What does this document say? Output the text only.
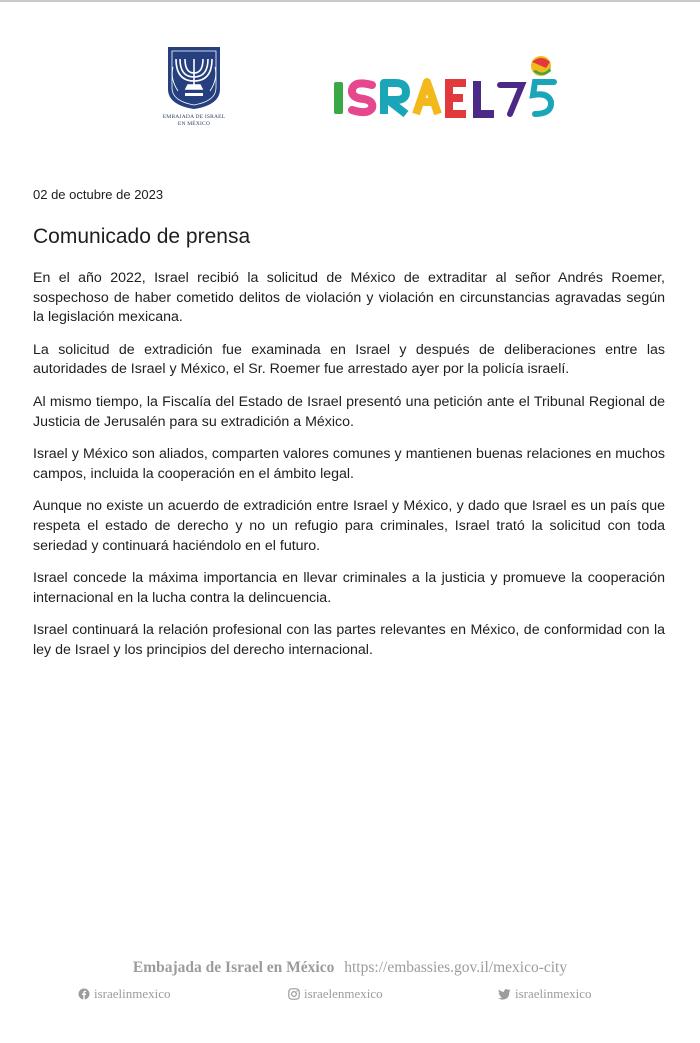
EMBAJADA DE ISRAEL
EN MÉXICO
02 de octubre de 2023
Comunicado de prensa

En el año 2022, Israel recibió la solicitud de México de extraditar al señor Andrés Roemer, sospechoso de haber cometido delitos de violación y violación en circunstancias agravadas según la legislación mexicana.

La solicitud de extradición fue examinada en Israel y después de deliberaciones entre las autoridades de Israel y México, el Sr. Roemer fue arrestado ayer por la policía israelí.

Al mismo tiempo, la Fiscalía del Estado de Israel presentó una petición ante el Tribunal Regional de Justicia de Jerusalén para su extradición a México.

Israel y México son aliados, comparten valores comunes y mantienen buenas relaciones en muchos campos, incluida la cooperación en el ámbito legal.

Aunque no existe un acuerdo de extradición entre Israel y México, y dado que Israel es un país que respeta el estado de derecho y no un refugio para criminales, Israel trató la solicitud con toda seriedad y continuará haciéndolo en el futuro.

Israel concede la máxima importancia en llevar criminales a la justicia y promueve la cooperación internacional en la lucha contra la delincuencia.

Israel continuará la relación profesional con las partes relevantes en México, de conformidad con la ley de Israel y los principios del derecho internacional.

Embajada de Israel en México https://embassies.gov.il/mexico-city
israelinmexico	israelenmexico	israelinmexico
